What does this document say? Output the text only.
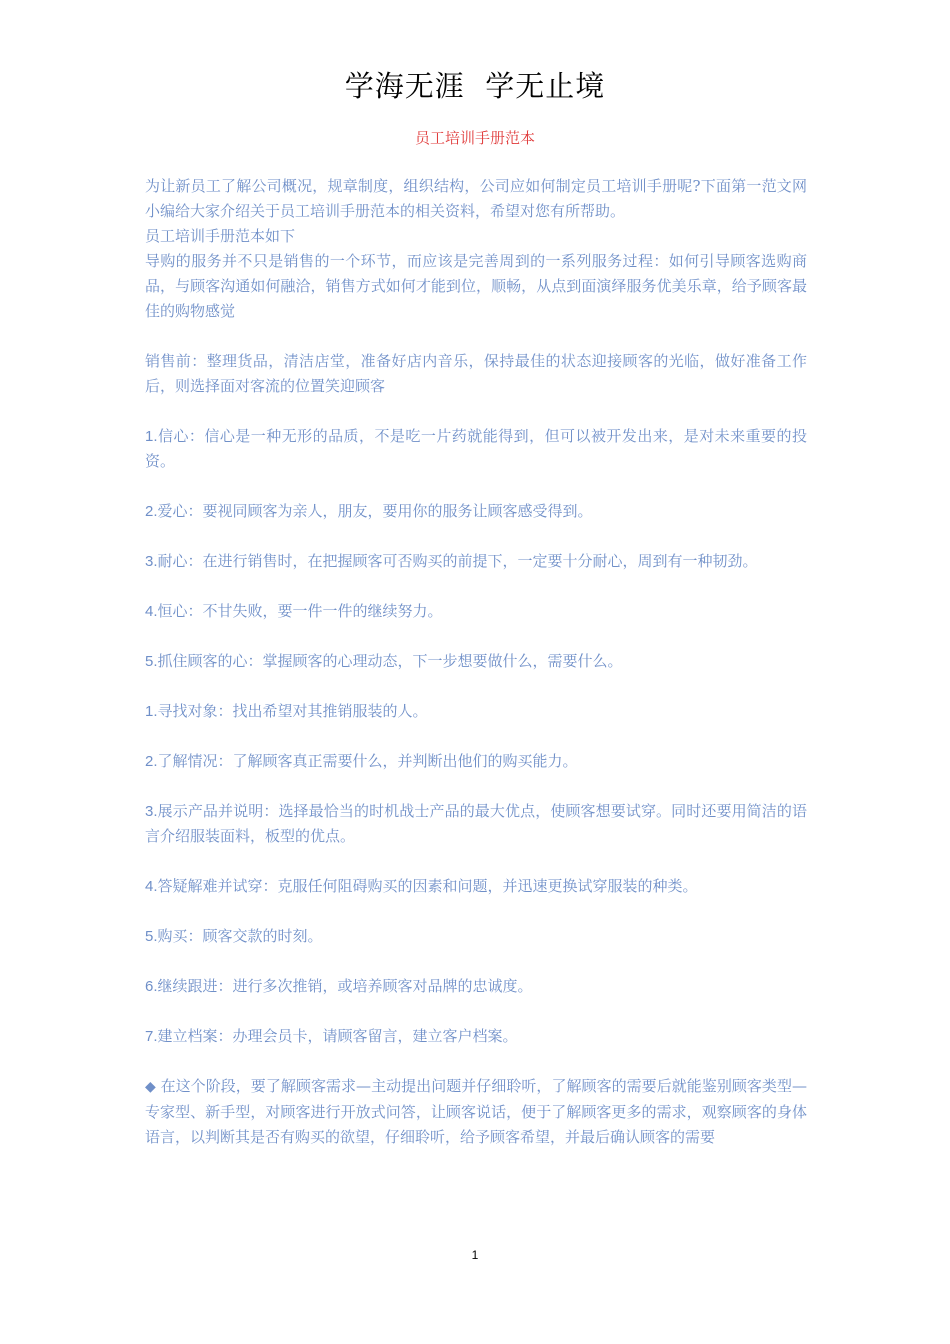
学海无涯  学无止境
员工培训手册范本

为让新员工了解公司概况，规章制度，组织结构，公司应如何制定员工培训手册呢?下面第一范文网小编给大家介绍关于员工培训手册范本的相关资料，希望对您有所帮助。

员工培训手册范本如下

导购的服务并不只是销售的一个环节，而应该是完善周到的一系列服务过程：如何引导顾客选购商品，与顾客沟通如何融洽，销售方式如何才能到位，顺畅，从点到面演绎服务优美乐章，给予顾客最佳的购物感觉

销售前：整理货品，清洁店堂，准备好店内音乐，保持最佳的状态迎接顾客的光临，做好准备工作后，则选择面对客流的位置笑迎顾客

1.信心：信心是一种无形的品质，不是吃一片药就能得到，但可以被开发出来，是对未来重要的投资。

2.爱心：要视同顾客为亲人，朋友，要用你的服务让顾客感受得到。

3.耐心：在进行销售时，在把握顾客可否购买的前提下，一定要十分耐心，周到有一种韧劲。

4.恒心：不甘失败，要一件一件的继续努力。

5.抓住顾客的心：掌握顾客的心理动态，下一步想要做什么，需要什么。

1.寻找对象：找出希望对其推销服装的人。

2.了解情况：了解顾客真正需要什么，并判断出他们的购买能力。

3.展示产品并说明：选择最恰当的时机战士产品的最大优点，使顾客想要试穿。同时还要用简洁的语言介绍服装面料，板型的优点。

4.答疑解难并试穿：克服任何阻碍购买的因素和问题，并迅速更换试穿服装的种类。

5.购买：顾客交款的时刻。

6.继续跟进：进行多次推销，或培养顾客对品牌的忠诚度。

7.建立档案：办理会员卡，请顾客留言，建立客户档案。

◆ 在这个阶段，要了解顾客需求—主动提出问题并仔细聆听，了解顾客的需要后就能鉴别顾客类型—专家型、新手型，对顾客进行开放式问答，让顾客说话，便于了解顾客更多的需求，观察顾客的身体语言，以判断其是否有购买的欲望，仔细聆听，给予顾客希望，并最后确认顾客的需要

1
